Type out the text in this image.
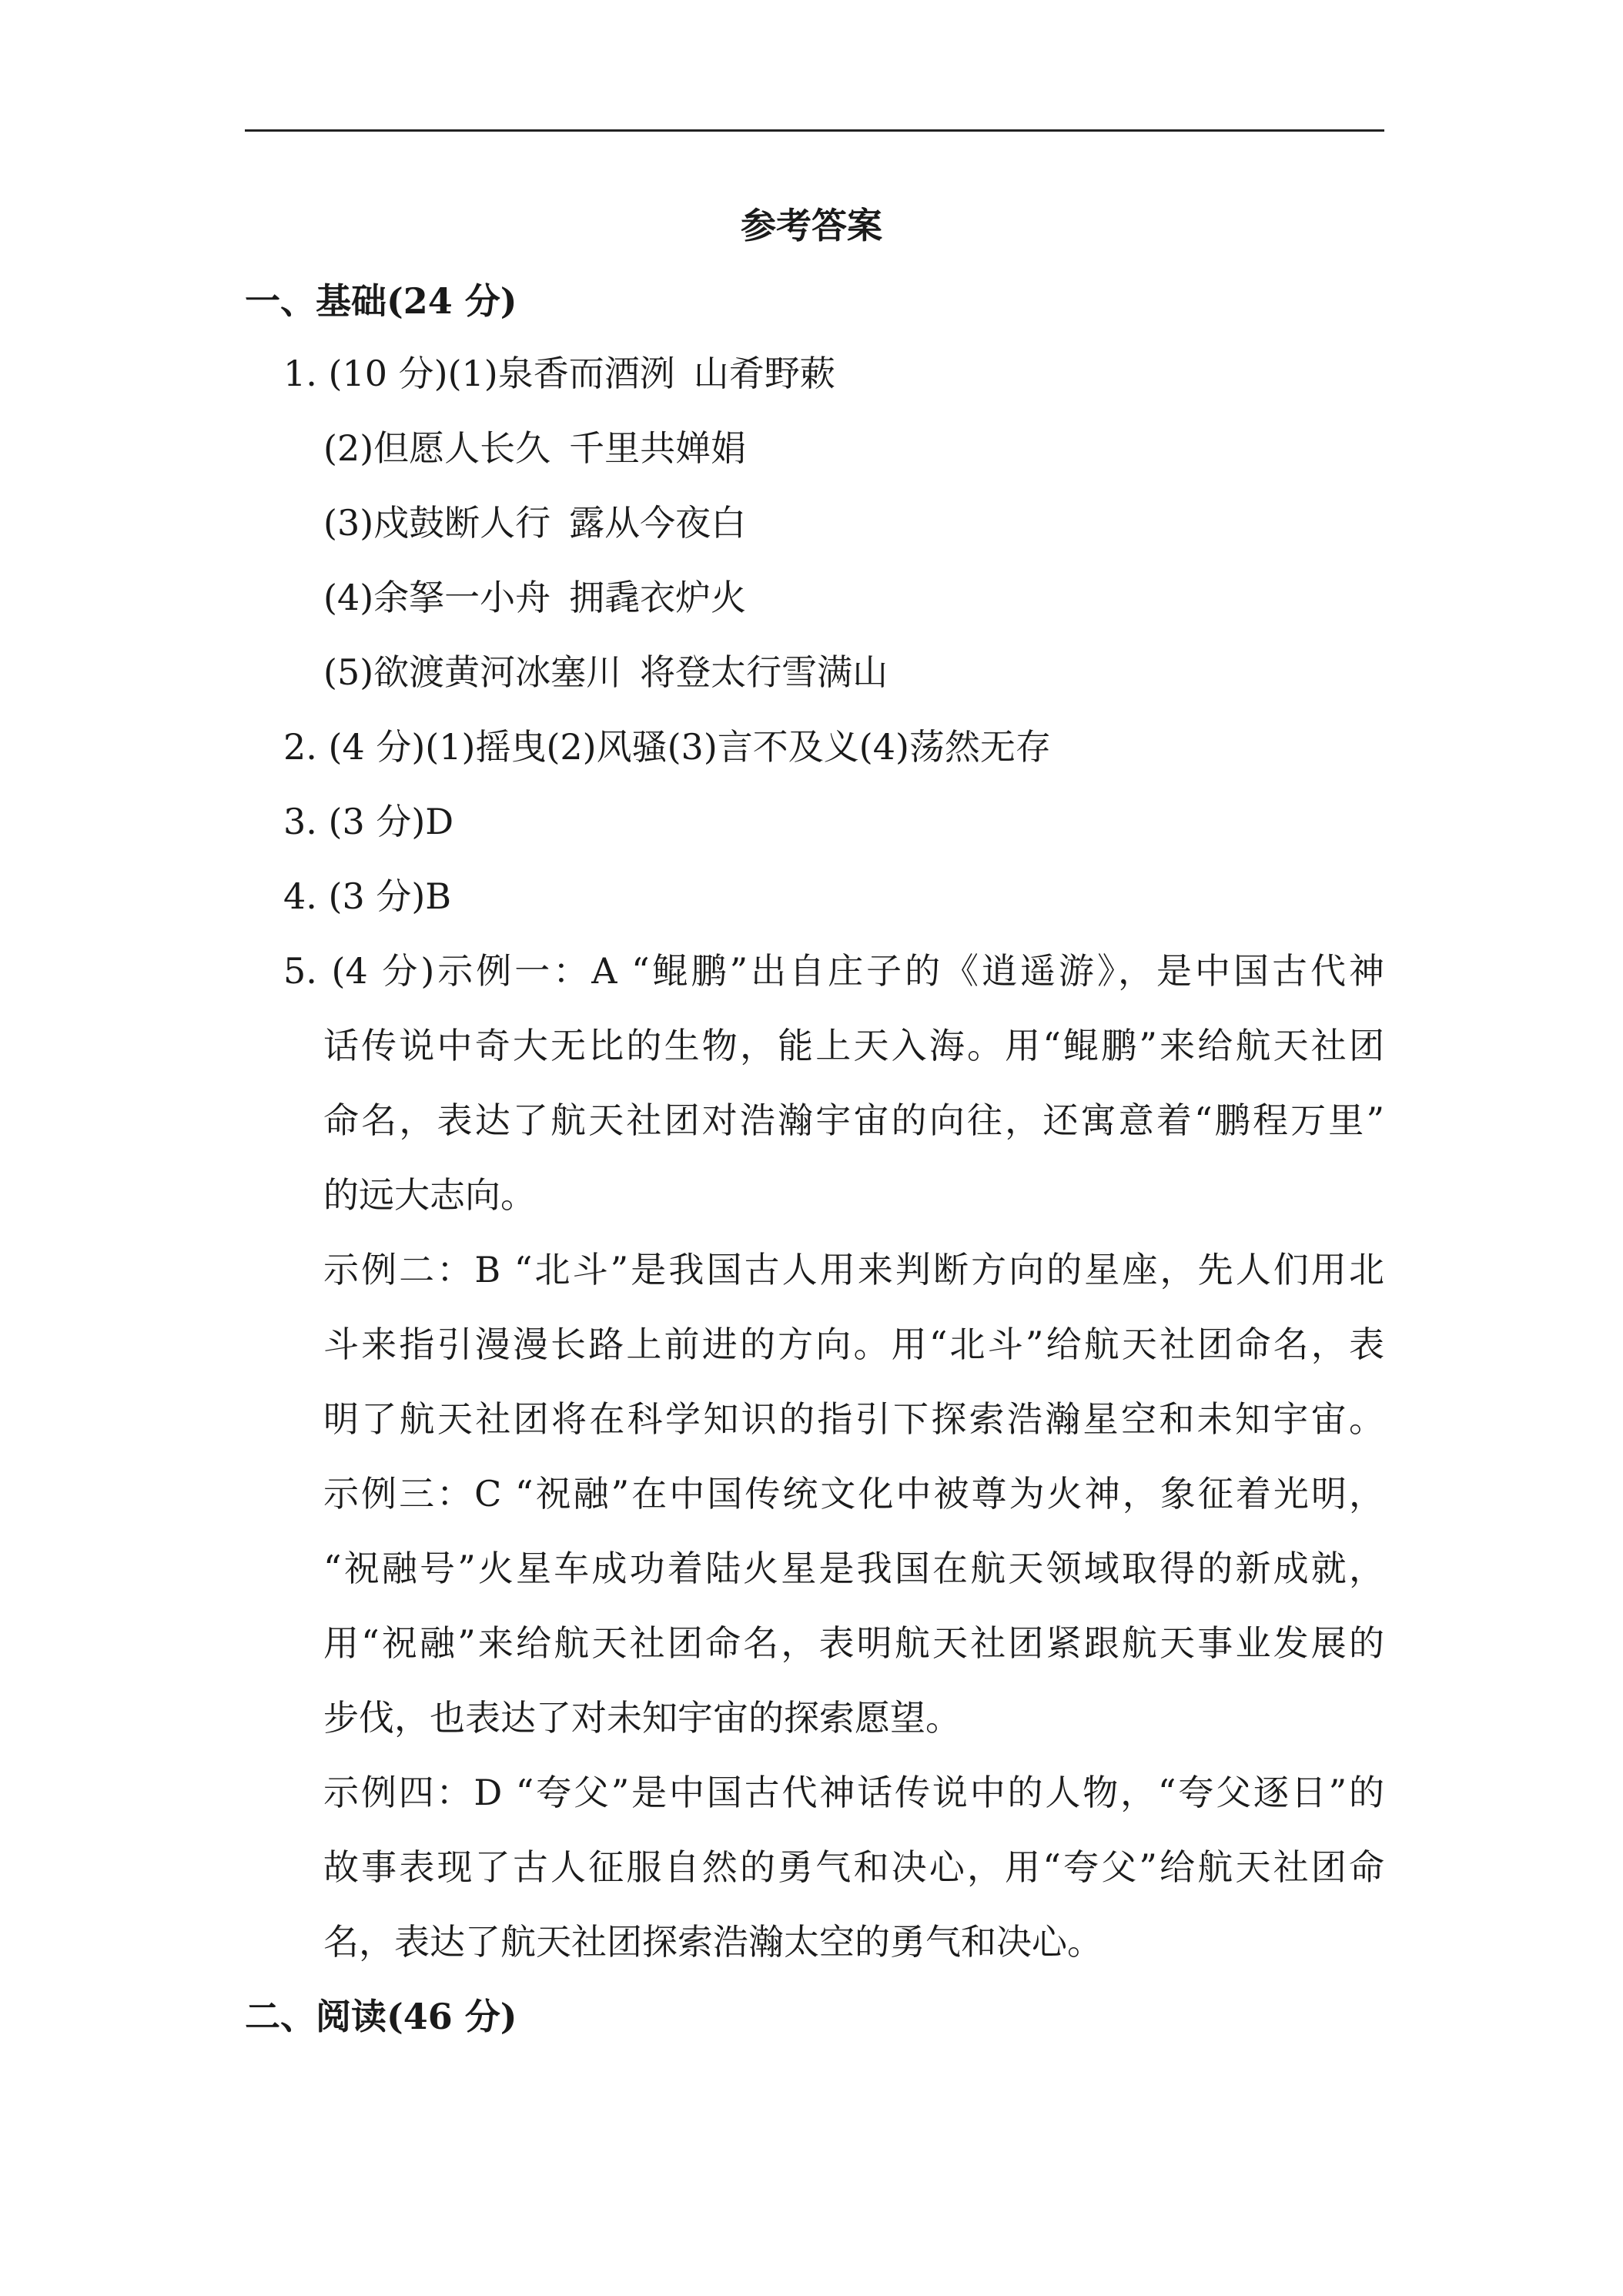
参考答案
一、基础(24 分)
1. (10 分)(1)泉香而酒洌 山肴野蔌
(2)但愿人长久 千里共婵娟
(3)戍鼓断人行 露从今夜白
(4)余拏一小舟 拥毳衣炉火
(5)欲渡黄河冰塞川 将登太行雪满山
2. (4 分)(1)摇曳(2)风骚(3)言不及义(4)荡然无存
3. (3 分)D
4. (3 分)B
5. (4 分)示例一：A “鲲鹏”出自庄子的《逍遥游》，是中国古代神
话传说中奇大无比的生物，能上天入海。用“鲲鹏”来给航天社团
命名，表达了航天社团对浩瀚宇宙的向往，还寓意着“鹏程万里”
的远大志向。
示例二：B “北斗”是我国古人用来判断方向的星座，先人们用北
斗来指引漫漫长路上前进的方向。用“北斗”给航天社团命名，表
明了航天社团将在科学知识的指引下探索浩瀚星空和未知宇宙。
示例三：C “祝融”在中国传统文化中被尊为火神，象征着光明，
“祝融号”火星车成功着陆火星是我国在航天领域取得的新成就，
用“祝融”来给航天社团命名，表明航天社团紧跟航天事业发展的
步伐，也表达了对未知宇宙的探索愿望。
示例四：D “夸父”是中国古代神话传说中的人物，“夸父逐日”的
故事表现了古人征服自然的勇气和决心，用“夸父”给航天社团命
名，表达了航天社团探索浩瀚太空的勇气和决心。
二、阅读(46 分)
